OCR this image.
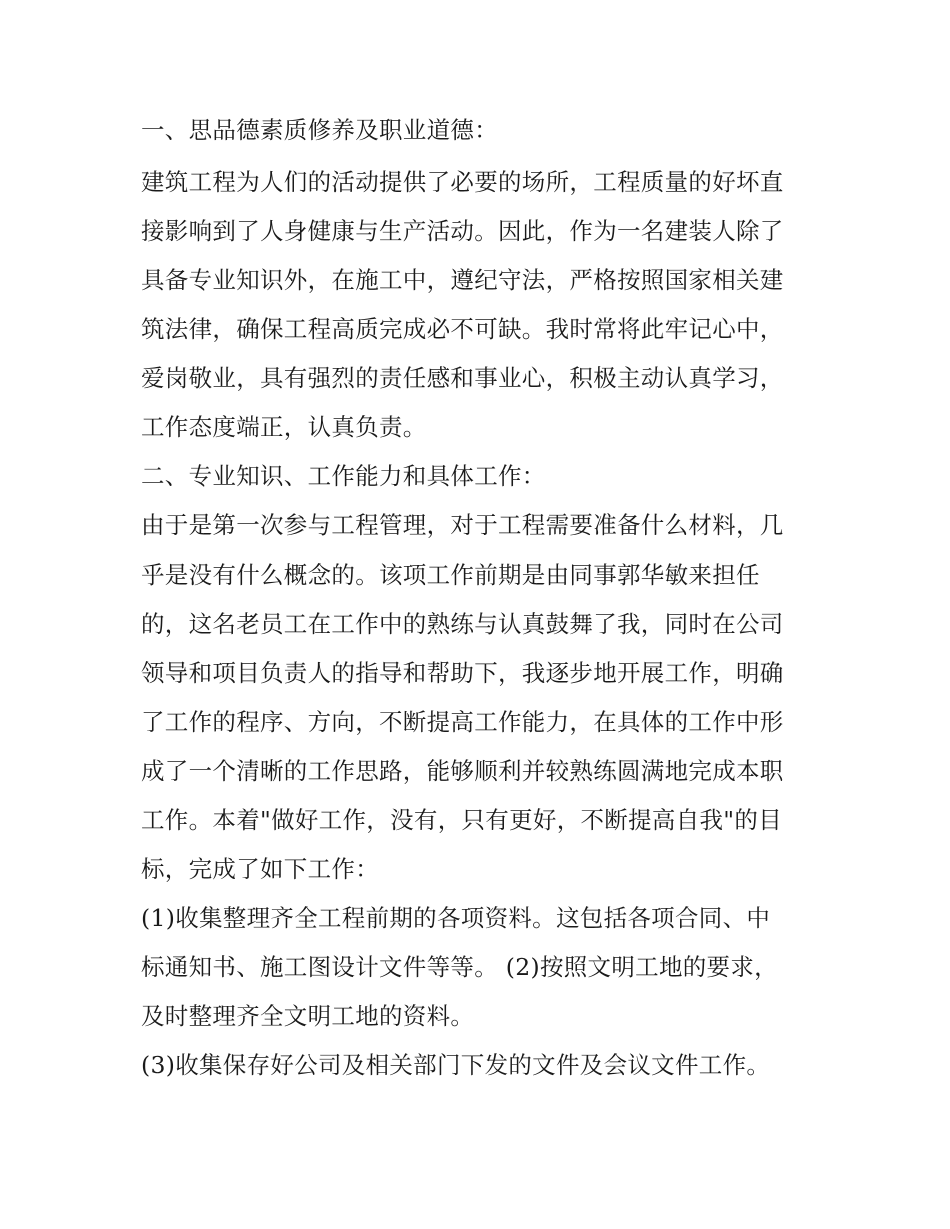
一、思品德素质修养及职业道德：
建筑工程为人们的活动提供了必要的场所，工程质量的好坏直
接影响到了人身健康与生产活动。因此，作为一名建装人除了
具备专业知识外，在施工中，遵纪守法，严格按照国家相关建
筑法律，确保工程高质完成必不可缺。我时常将此牢记心中，
爱岗敬业，具有强烈的责任感和事业心，积极主动认真学习，
工作态度端正，认真负责。
二、专业知识、工作能力和具体工作：
由于是第一次参与工程管理，对于工程需要准备什么材料，几
乎是没有什么概念的。该项工作前期是由同事郭华敏来担任
的，这名老员工在工作中的熟练与认真鼓舞了我，同时在公司
领导和项目负责人的指导和帮助下，我逐步地开展工作，明确
了工作的程序、方向，不断提高工作能力，在具体的工作中形
成了一个清晰的工作思路，能够顺利并较熟练圆满地完成本职
工作。本着"做好工作，没有，只有更好，不断提高自我"的目
标，完成了如下工作：
(1)收集整理齐全工程前期的各项资料。这包括各项合同、中
标通知书、施工图设计文件等等。 (2)按照文明工地的要求，
及时整理齐全文明工地的资料。
(3)收集保存好公司及相关部门下发的文件及会议文件工作。
